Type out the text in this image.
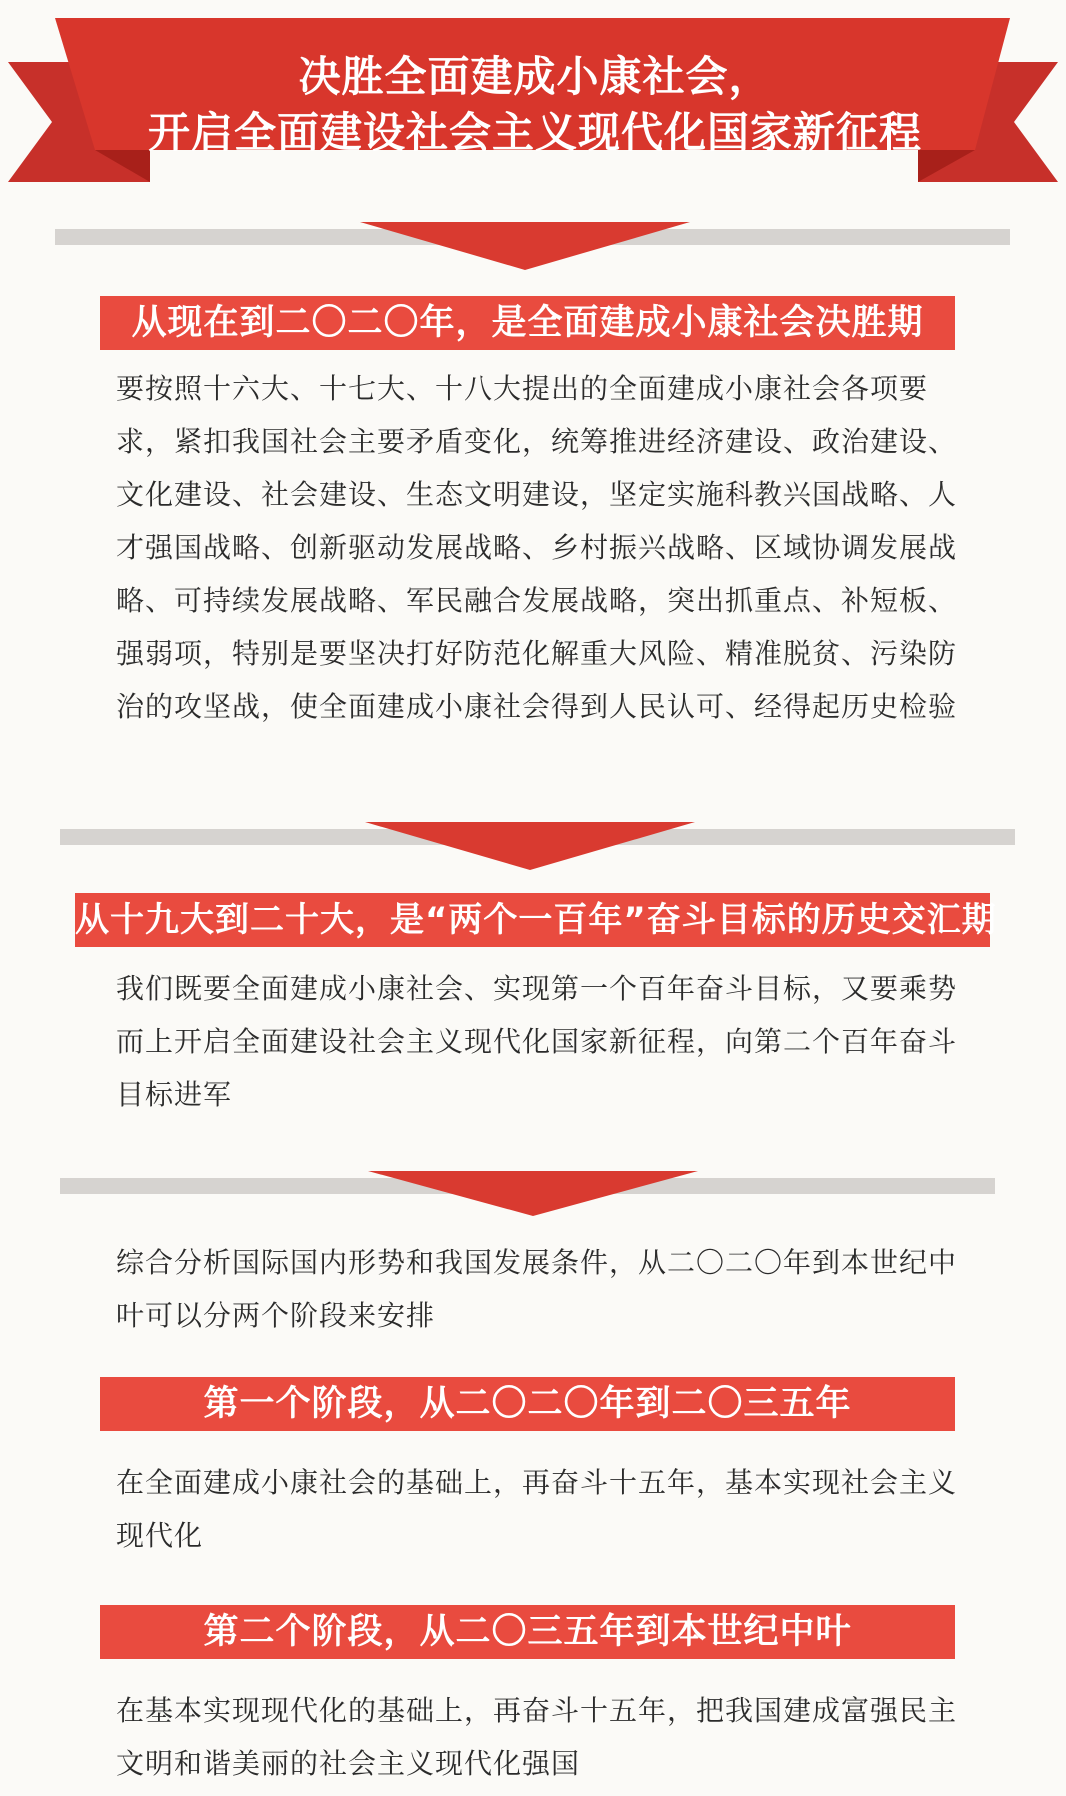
决胜全面建成小康社会，
开启全面建设社会主义现代化国家新征程
从现在到二〇二〇年，是全面建成小康社会决胜期
要按照十六大、十七大、十八大提出的全面建成小康社会各项要求，紧扣我国社会主要矛盾变化，统筹推进经济建设、政治建设、文化建设、社会建设、生态文明建设，坚定实施科教兴国战略、人才强国战略、创新驱动发展战略、乡村振兴战略、区域协调发展战略、可持续发展战略、军民融合发展战略，突出抓重点、补短板、强弱项，特别是要坚决打好防范化解重大风险、精准脱贫、污染防治的攻坚战，使全面建成小康社会得到人民认可、经得起历史检验
从十九大到二十大，是“两个一百年”奋斗目标的历史交汇期
我们既要全面建成小康社会、实现第一个百年奋斗目标，又要乘势而上开启全面建设社会主义现代化国家新征程，向第二个百年奋斗目标进军
综合分析国际国内形势和我国发展条件，从二〇二〇年到本世纪中叶可以分两个阶段来安排
第一个阶段，从二〇二〇年到二〇三五年
在全面建成小康社会的基础上，再奋斗十五年，基本实现社会主义现代化
第二个阶段，从二〇三五年到本世纪中叶
在基本实现现代化的基础上，再奋斗十五年，把我国建成富强民主文明和谐美丽的社会主义现代化强国
